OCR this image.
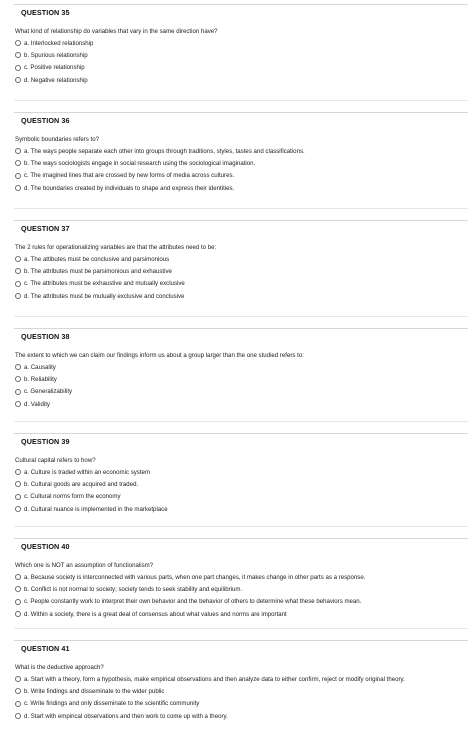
QUESTION 35
What kind of relationship do variables that vary in the same direction have?
a. Interlocked relationship
b. Spurious relationship
c. Positive relationship
d. Negative relationship
QUESTION 36
Symbolic boundaries refers to?
a. The ways people separate each other into groups through traditions, styles, tastes and classifications.
b. The ways sociologists engage in social research using the sociological imagination.
c. The imagined lines that are crossed by new forms of media across cultures.
d. The boundaries created by individuals to shape and express their identities.
QUESTION 37
The 2 rules for operationalizing variables are that the attributes need to be:
a. The attibutes must be conclusive and parsimonious
b. The attributes must be parsimonious and exhaustive
c. The attributes must be exhaustive and mutually exclusive
d. The attributes must be mutually exclusive and conclusive
QUESTION 38
The extent to which we can claim our findings inform us about a group larger than the one studied refers to:
a. Causality
b. Reliability
c. Generalizability
d. Validity
QUESTION 39
Cultural capital refers to how?
a. Culture is traded within an economic system
b. Cultural goods are acquired and traded.
c. Cultural norms form the economy
d. Cultural nuance is implemented in the marketplace
QUESTION 40
Which one is NOT an assumption of functionalism?
a. Because society is interconnected with various parts, when one part changes, it makes change in other parts as a response.
b. Conflict is not normal to society; society tends to seek stability and equilibrium.
c. People constantly work to interpret their own behavior and the behavior of others to determine what these behaviors mean.
d. Within a society, there is a great deal of consensus about what values and norms are important
QUESTION 41
What is the deductive approach?
a. Start with a theory, form a hypothesis, make empirical observations and then analyze data to either confirm, reject or modify original theory.
b. Write findings and disseminate to the wider public
c. Write findings and only disseminate to the scientific community
d. Start with empirical observations and then work to come up with a theory.
